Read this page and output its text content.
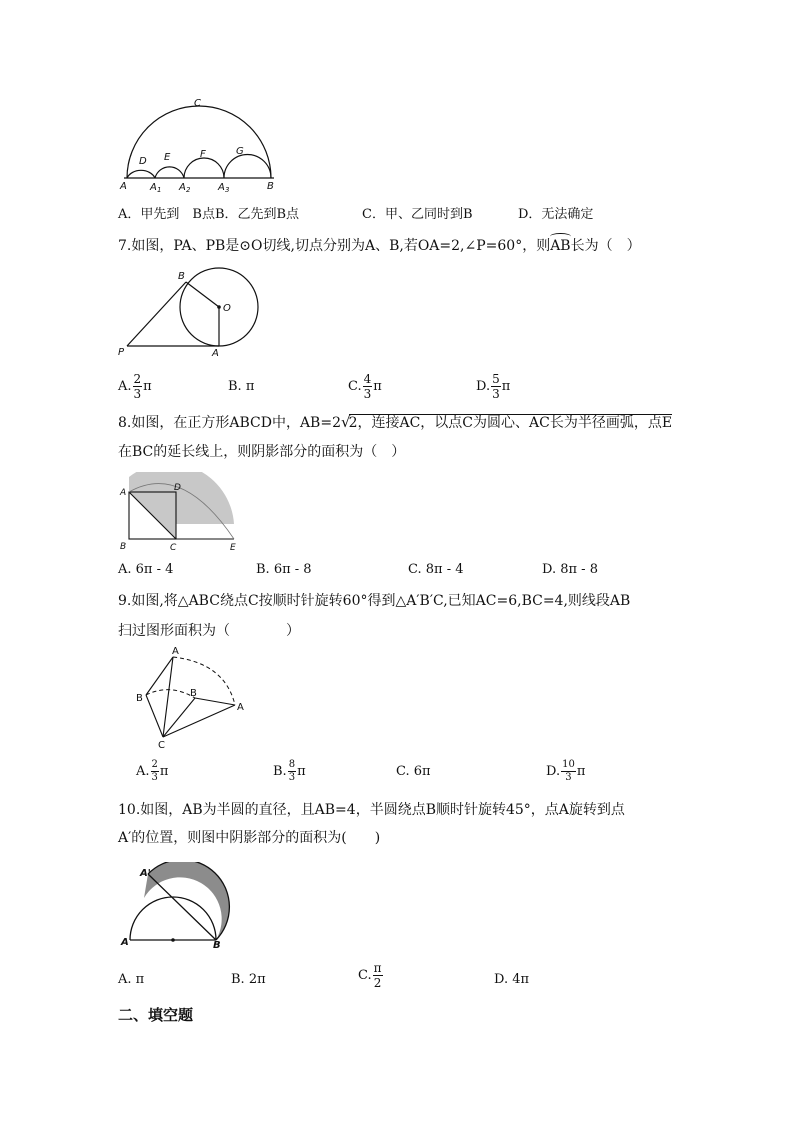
C
D E	F	G
A A 1 A 2	A 3	B
A．甲先到　B点B．乙先到B点	C．甲、乙同时到B	D．无法确定
7.如图，PA、PB是⊙O切线,切点分别为A、B,若OA=2,∠P=60°，则AB长为（　）
B
O
P	A
A. $\frac{2}{3}$ π	B. π	C. $\frac{4}{3}$ π	D. $\frac{5}{3}$ π
8.如图，在正方形ABCD中，AB=2√2，连接AC，以点C为圆心、AC长为半径画弧，点E
在BC的延长线上，则阴影部分的面积为（　）
A	D
B	C	E
A. 6π - 4	B. 6π - 8	C. 8π - 4	D. 8π - 8
9.如图,将△ABC绕点C按顺时针旋转60°得到△A′B′C,已知AC=6,BC=4,则线段AB
扫过图形面积为（　　　　）
A
B	B
A
C
A. $\frac{2}{3}$ π	B. $\frac{8}{3}$ π	C. 6π	D. $\frac{10}{3}$ π
10.如图，AB为半圆的直径，且AB=4，半圆绕点B顺时针旋转45°，点A旋转到点
A′的位置，则图中阴影部分的面积为(　　)
A'
A	B
A. π	B. 2π	C. $\frac{\pi}{2}$	D. 4π
二、填空题
